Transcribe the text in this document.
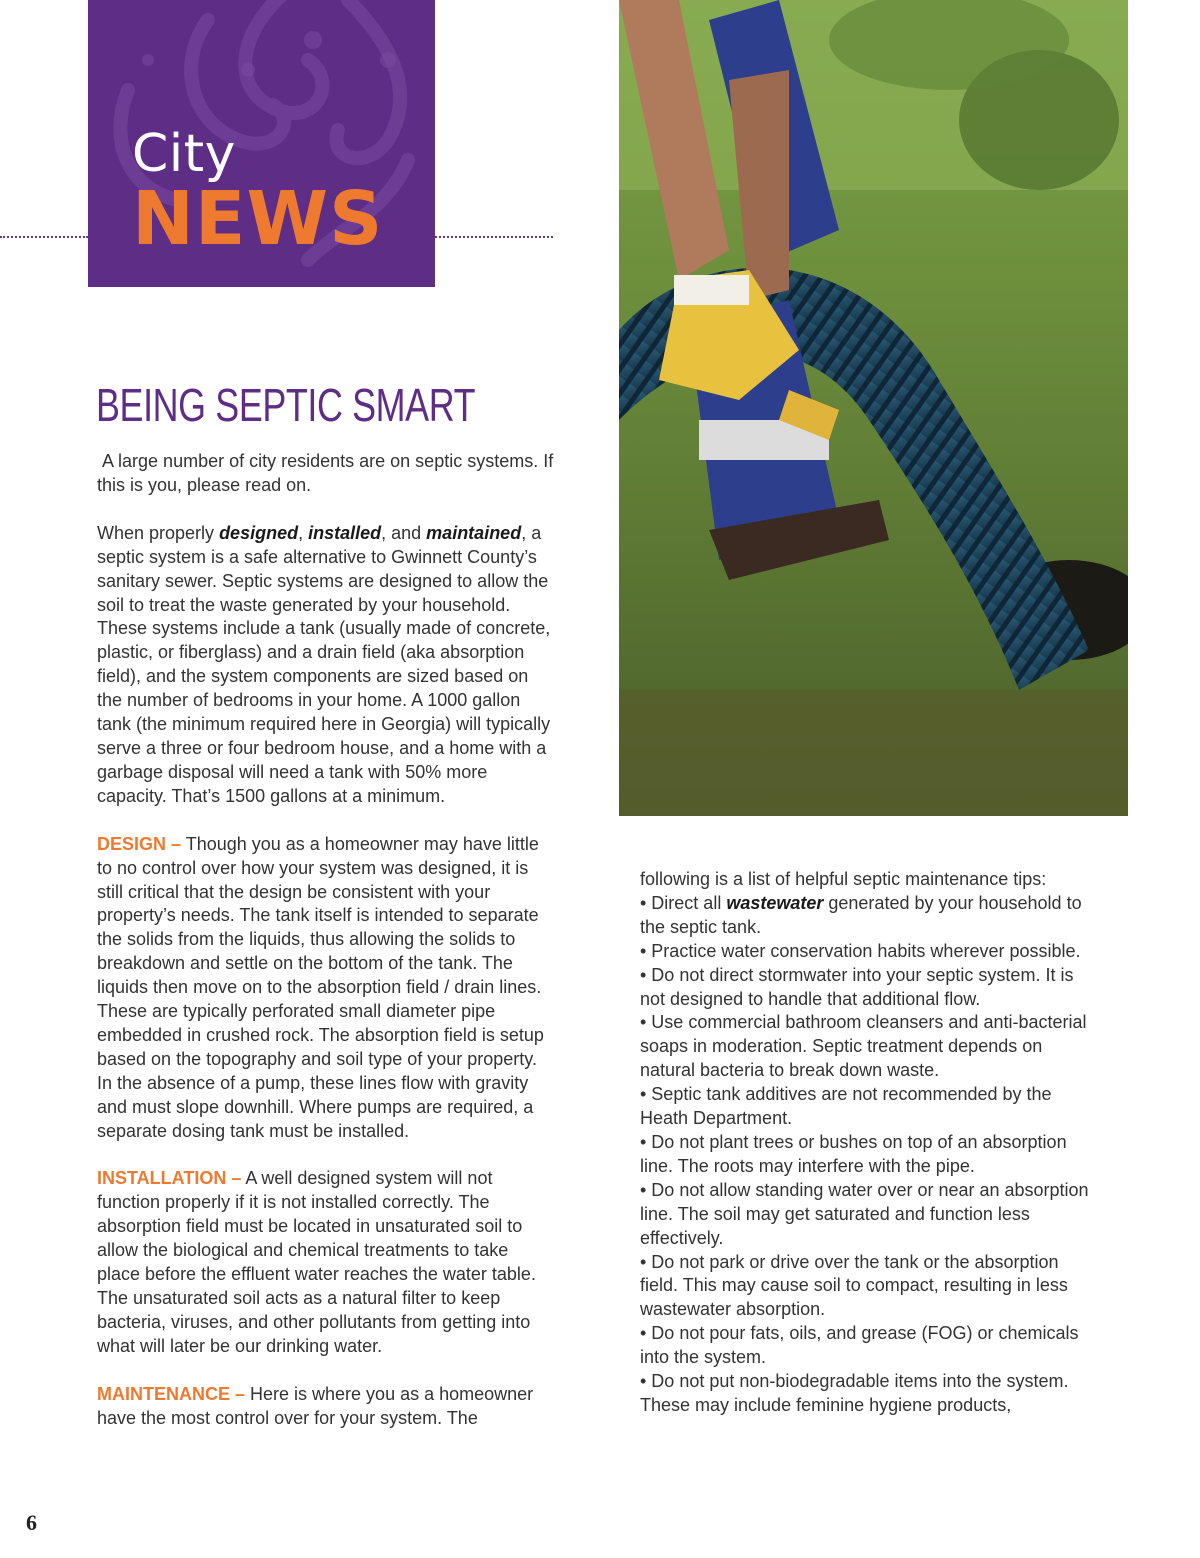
City
NEWS
BEING SEPTIC SMART

A large number of city residents are on septic systems. If this is you, please read on.

When properly designed, installed, and maintained, a septic system is a safe alternative to Gwinnett County’s sanitary sewer. Septic systems are designed to allow the soil to treat the waste generated by your household. These systems include a tank (usually made of concrete, plastic, or fiberglass) and a drain field (aka absorption field), and the system components are sized based on the number of bedrooms in your home. A 1000 gallon tank (the minimum required here in Georgia) will typically serve a three or four bedroom house, and a home with a garbage disposal will need a tank with 50% more capacity. That’s 1500 gallons at a minimum.

DESIGN – Though you as a homeowner may have little to no control over how your system was designed, it is still critical that the design be consistent with your property’s needs. The tank itself is intended to separate the solids from the liquids, thus allowing the solids to breakdown and settle on the bottom of the tank. The liquids then move on to the absorption field / drain lines. These are typically perforated small diameter pipe embedded in crushed rock. The absorption field is setup based on the topography and soil type of your property. In the absence of a pump, these lines flow with gravity and must slope downhill. Where pumps are required, a separate dosing tank must be installed.

INSTALLATION – A well designed system will not function properly if it is not installed correctly. The absorption field must be located in unsaturated soil to allow the biological and chemical treatments to take place before the effluent water reaches the water table. The unsaturated soil acts as a natural filter to keep bacteria, viruses, and other pollutants from getting into what will later be our drinking water.

MAINTENANCE – Here is where you as a homeowner have the most control over for your system. The

following is a list of helpful septic maintenance tips:
• Direct all wastewater generated by your household to the septic tank.
• Practice water conservation habits wherever possible.
• Do not direct stormwater into your septic system. It is not designed to handle that additional flow.
• Use commercial bathroom cleansers and anti-bacterial soaps in moderation. Septic treatment depends on natural bacteria to break down waste.
• Septic tank additives are not recommended by the Heath Department.
• Do not plant trees or bushes on top of an absorption line. The roots may interfere with the pipe.
• Do not allow standing water over or near an absorption line. The soil may get saturated and function less effectively.
• Do not park or drive over the tank or the absorption field. This may cause soil to compact, resulting in less wastewater absorption.
• Do not pour fats, oils, and grease (FOG) or chemicals into the system.
• Do not put non-biodegradable items into the system. These may include feminine hygiene products,
6
